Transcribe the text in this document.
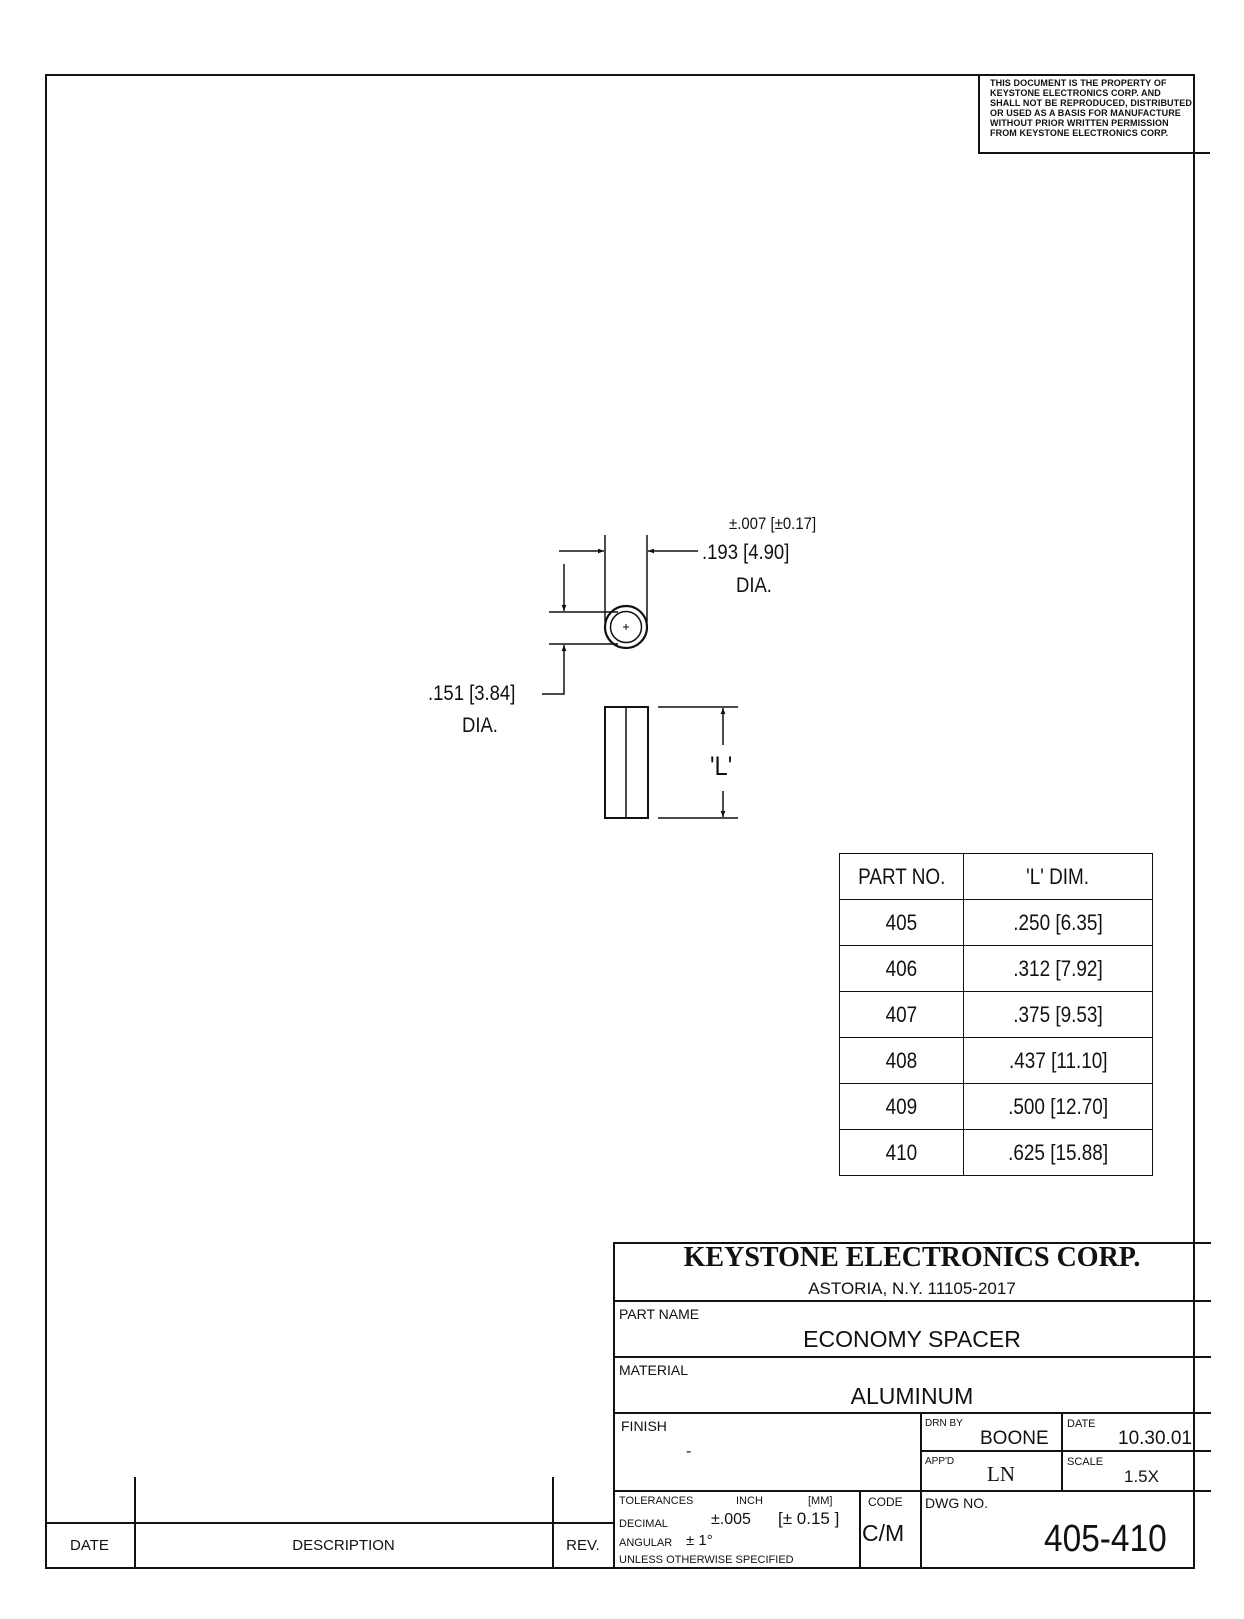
THIS DOCUMENT IS THE PROPERTY OF
KEYSTONE ELECTRONICS CORP. AND
SHALL NOT BE REPRODUCED, DISTRIBUTED
OR USED AS A BASIS FOR MANUFACTURE
WITHOUT PRIOR WRITTEN PERMISSION
FROM KEYSTONE ELECTRONICS CORP.
±.007 [±0.17]
.193 [4.90]
DIA.
.151 [3.84]
DIA.
'L'
PART NO.	'L' DIM.
405	.250 [6.35]
406	.312 [7.92]
407	.375 [9.53]
408	.437 [11.10]
409	.500 [12.70]
410	.625 [15.88]
KEYSTONE ELECTRONICS CORP.
ASTORIA, N.Y. 11105-2017
PART NAME
ECONOMY SPACER
MATERIAL
ALUMINUM
FINISH
-
DRN BY
BOONE
DATE
10.30.01
APP'D
LN	SCALE
1.5X
TOLERANCES	INCH	[MM]
DECIMAL	±.005 [± 0.15 ]
ANGULAR ± 1°
UNLESS OTHERWISE SPECIFIED
CODE
C/M
DWG NO.
405-410
DATE	DESCRIPTION	REV.
